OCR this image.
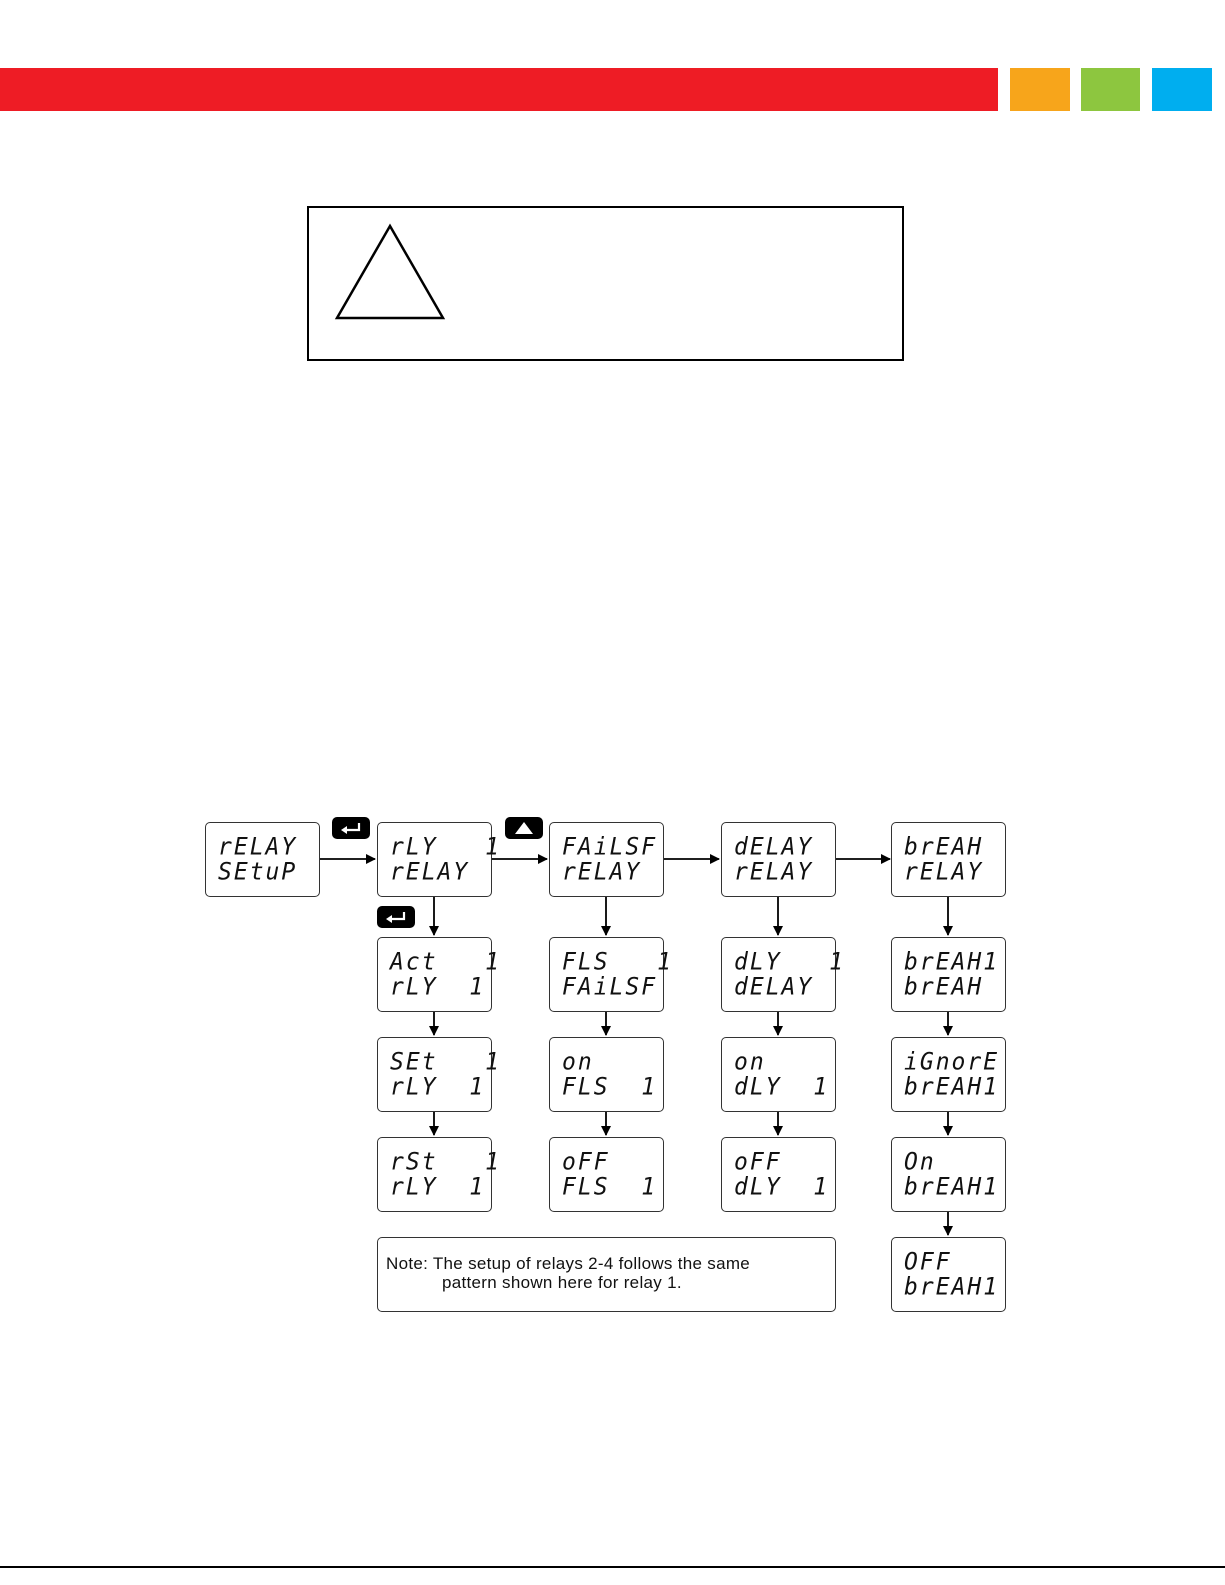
rELAY
SEtuP
rLY   1
rELAY
FAiLSF
rELAY
dELAY
rELAY
brEAH
rELAY
Act   1
rLY  1
SEt   1
rLY  1
rSt   1
rLY  1
FLS   1
FAiLSF
on
FLS  1
oFF
FLS  1
dLY   1
dELAY
on
dLY  1
oFF
dLY  1
brEAH1
brEAH
iGnorE
brEAH1
On
brEAH1
OFF
brEAH1
Note: The setup of relays 2-4 follows the same
pattern shown here for relay 1.
